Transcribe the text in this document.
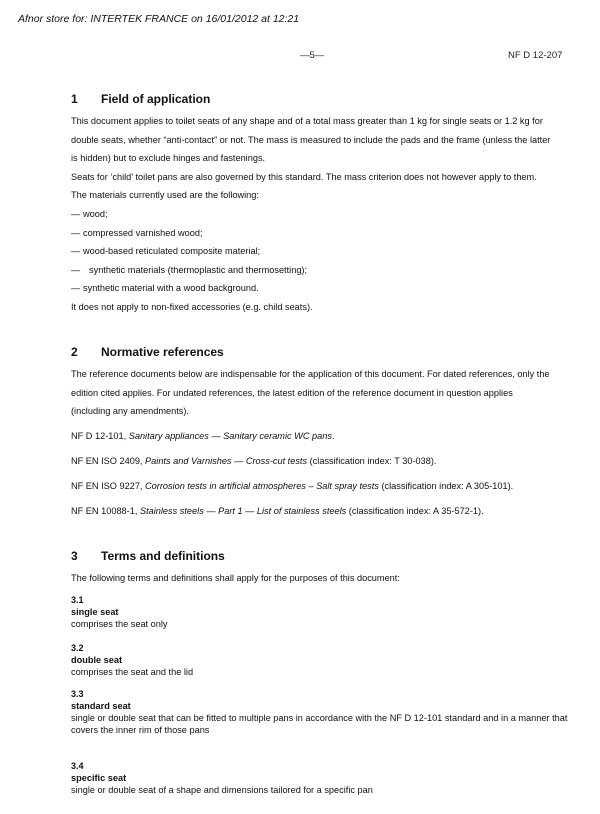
Afnor store for: INTERTEK FRANCE on 16/01/2012 at 12:21
—5—	NF D 12-207
1	Field of application

This document applies to toilet seats of any shape and of a total mass greater than 1 kg for single seats or 1.2 kg for

double seats, whether “anti-contact” or not. The mass is measured to include the pads and the frame (unless the latter

is hidden) but to exclude hinges and fastenings.

Seats for ‘child’ toilet pans are also governed by this standard. The mass criterion does not however apply to them.

The materials currently used are the following:

— wood;

— compressed varnished wood;

— wood-based reticulated composite material;

— synthetic materials (thermoplastic and thermosetting);

— synthetic material with a wood background.

It does not apply to non-fixed accessories (e.g. child seats).

2	Normative references

The reference documents below are indispensable for the application of this document. For dated references, only the

edition cited applies. For undated references, the latest edition of the reference document in question applies

(including any amendments).

NF D 12-101, Sanitary appliances — Sanitary ceramic WC pans.

NF EN ISO 2409, Paints and Varnishes — Cross-cut tests (classification index: T 30-038).

NF EN ISO 9227, Corrosion tests in artificial atmospheres – Salt spray tests (classification index: A 305-101).

NF EN 10088-1, Stainless steels — Part 1 — List of stainless steels (classification index: A 35-572-1).

3	Terms and definitions

The following terms and definitions shall apply for the purposes of this document:

3.1
single seat
comprises the seat only
3.2
double seat
comprises the seat and the lid
3.3
standard seat
single or double seat that can be fitted to multiple pans in accordance with the NF D 12-101 standard and in a manner that covers the inner rim of those pans
3.4
specific seat
single or double seat of a shape and dimensions tailored for a specific pan
